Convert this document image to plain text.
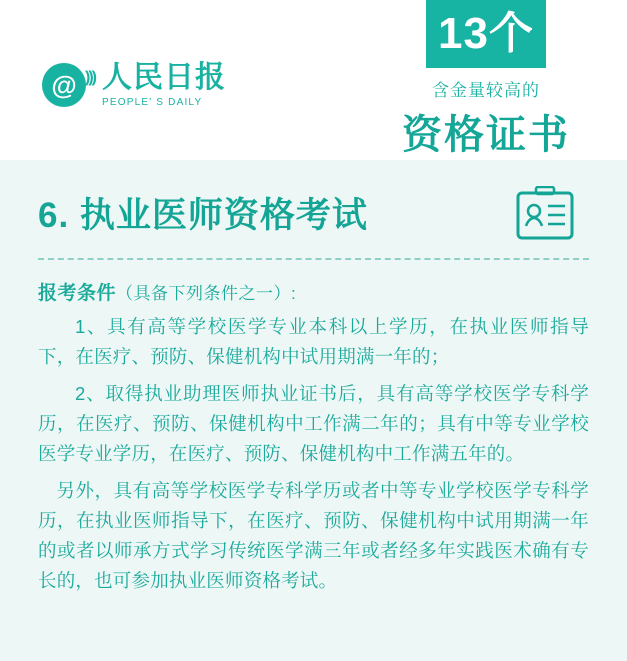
13个
含金量较高的
资格证书
@ ))) 人民日报
PEOPLE' S DAILY
6. 执业医师资格考试
报考条件（具备下列条件之一）:
1、具有高等学校医学专业本科以上学历，在执业医师指导下，在医疗、预防、保健机构中试用期满一年的；
2、取得执业助理医师执业证书后，具有高等学校医学专科学历，在医疗、预防、保健机构中工作满二年的；具有中等专业学校医学专业学历，在医疗、预防、保健机构中工作满五年的。
另外，具有高等学校医学专科学历或者中等专业学校医学专科学历，在执业医师指导下，在医疗、预防、保健机构中试用期满一年的或者以师承方式学习传统医学满三年或者经多年实践医术确有专长的，也可参加执业医师资格考试。
